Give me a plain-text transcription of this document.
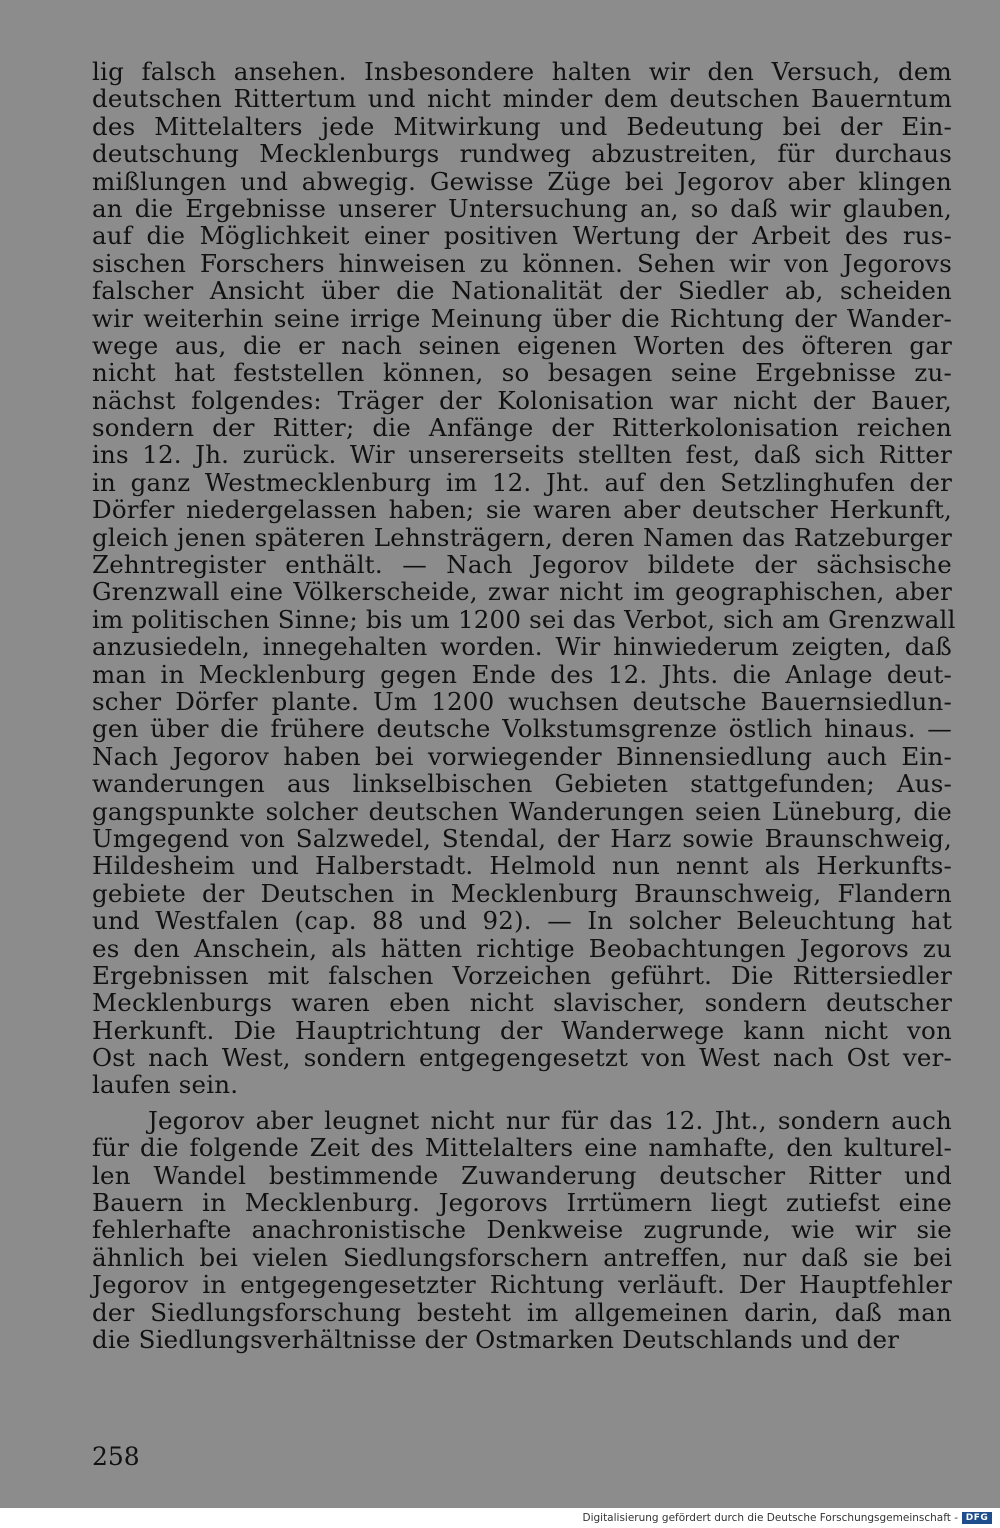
lig falsch ansehen. Insbesondere halten wir den Versuch, dem
deutschen Rittertum und nicht minder dem deutschen Bauerntum
des Mittelalters jede Mitwirkung und Bedeutung bei der Ein-
deutschung Mecklenburgs rundweg abzustreiten, für durchaus
mißlungen und abwegig. Gewisse Züge bei Jegorov aber klingen
an die Ergebnisse unserer Untersuchung an, so daß wir glauben,
auf die Möglichkeit einer positiven Wertung der Arbeit des rus-
sischen Forschers hinweisen zu können. Sehen wir von Jegorovs
falscher Ansicht über die Nationalität der Siedler ab, scheiden
wir weiterhin seine irrige Meinung über die Richtung der Wander-
wege aus, die er nach seinen eigenen Worten des öfteren gar
nicht hat feststellen können, so besagen seine Ergebnisse zu-
nächst folgendes: Träger der Kolonisation war nicht der Bauer,
sondern der Ritter; die Anfänge der Ritterkolonisation reichen
ins 12. Jh. zurück. Wir unsererseits stellten fest, daß sich Ritter
in ganz Westmecklenburg im 12. Jht. auf den Setzlinghufen der
Dörfer niedergelassen haben; sie waren aber deutscher Herkunft,
gleich jenen späteren Lehnsträgern, deren Namen das Ratzeburger
Zehntregister enthält. — Nach Jegorov bildete der sächsische
Grenzwall eine Völkerscheide, zwar nicht im geographischen, aber
im politischen Sinne; bis um 1200 sei das Verbot, sich am Grenzwall
anzusiedeln, innegehalten worden. Wir hinwiederum zeigten, daß
man in Mecklenburg gegen Ende des 12. Jhts. die Anlage deut-
scher Dörfer plante. Um 1200 wuchsen deutsche Bauernsiedlun-
gen über die frühere deutsche Volkstumsgrenze östlich hinaus. —
Nach Jegorov haben bei vorwiegender Binnensiedlung auch Ein-
wanderungen aus linkselbischen Gebieten stattgefunden; Aus-
gangspunkte solcher deutschen Wanderungen seien Lüneburg, die
Umgegend von Salzwedel, Stendal, der Harz sowie Braunschweig,
Hildesheim und Halberstadt. Helmold nun nennt als Herkunfts-
gebiete der Deutschen in Mecklenburg Braunschweig, Flandern
und Westfalen (cap. 88 und 92). — In solcher Beleuchtung hat
es den Anschein, als hätten richtige Beobachtungen Jegorovs zu
Ergebnissen mit falschen Vorzeichen geführt. Die Rittersiedler
Mecklenburgs waren eben nicht slavischer, sondern deutscher
Herkunft. Die Hauptrichtung der Wanderwege kann nicht von
Ost nach West, sondern entgegengesetzt von West nach Ost ver-
laufen sein.
Jegorov aber leugnet nicht nur für das 12. Jht., sondern auch
für die folgende Zeit des Mittelalters eine namhafte, den kulturel-
len Wandel bestimmende Zuwanderung deutscher Ritter und
Bauern in Mecklenburg. Jegorovs Irrtümern liegt zutiefst eine
fehlerhafte anachronistische Denkweise zugrunde, wie wir sie
ähnlich bei vielen Siedlungsforschern antreffen, nur daß sie bei
Jegorov in entgegengesetzter Richtung verläuft. Der Hauptfehler
der Siedlungsforschung besteht im allgemeinen darin, daß man
die Siedlungsverhältnisse der Ostmarken Deutschlands und der
258
Digitalisierung gefördert durch die Deutsche Forschungsgemeinschaft - DFG
